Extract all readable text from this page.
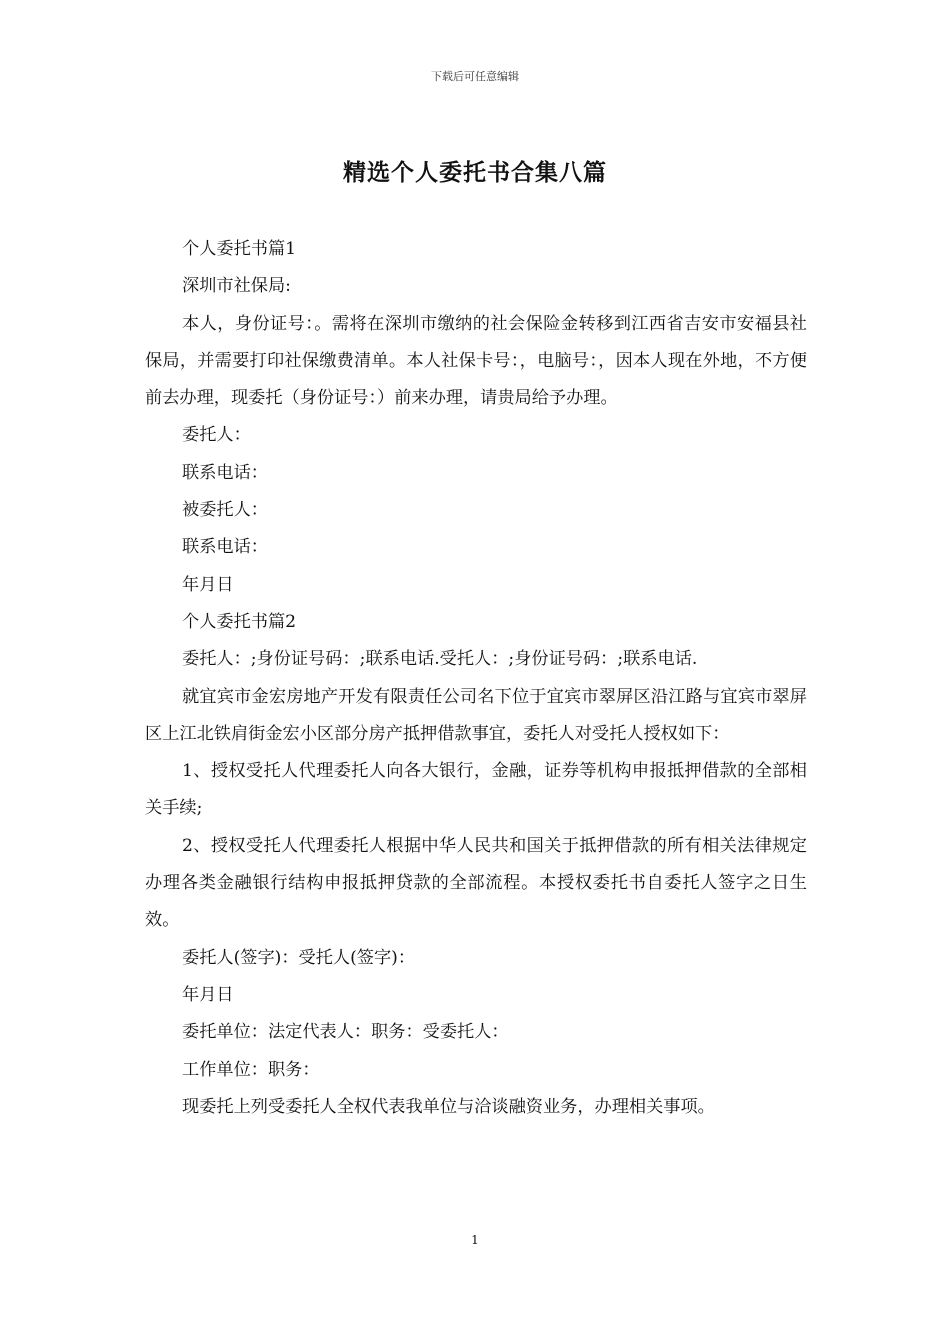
下载后可任意编辑
精选个人委托书合集八篇

个人委托书篇1

深圳市社保局:

本人，身份证号：。需将在深圳市缴纳的社会保险金转移到江西省吉安市安福县社保局，并需要打印社保缴费清单。本人社保卡号：，电脑号：，因本人现在外地，不方便前去办理，现委托（身份证号：）前来办理，请贵局给予办理。

委托人：

联系电话：

被委托人：

联系电话：

年月日

个人委托书篇2

委托人：;身份证号码：;联系电话.受托人：;身份证号码：;联系电话.

就宜宾市金宏房地产开发有限责任公司名下位于宜宾市翠屏区沿江路与宜宾市翠屏区上江北铁肩街金宏小区部分房产抵押借款事宜，委托人对受托人授权如下：

1、授权受托人代理委托人向各大银行，金融，证券等机构申报抵押借款的全部相关手续;

2、授权受托人代理委托人根据中华人民共和国关于抵押借款的所有相关法律规定办理各类金融银行结构申报抵押贷款的全部流程。本授权委托书自委托人签字之日生效。

委托人(签字)：受托人(签字)：

年月日

委托单位：法定代表人：职务：受委托人：

工作单位：职务：

现委托上列受委托人全权代表我单位与洽谈融资业务，办理相关事项。

1
